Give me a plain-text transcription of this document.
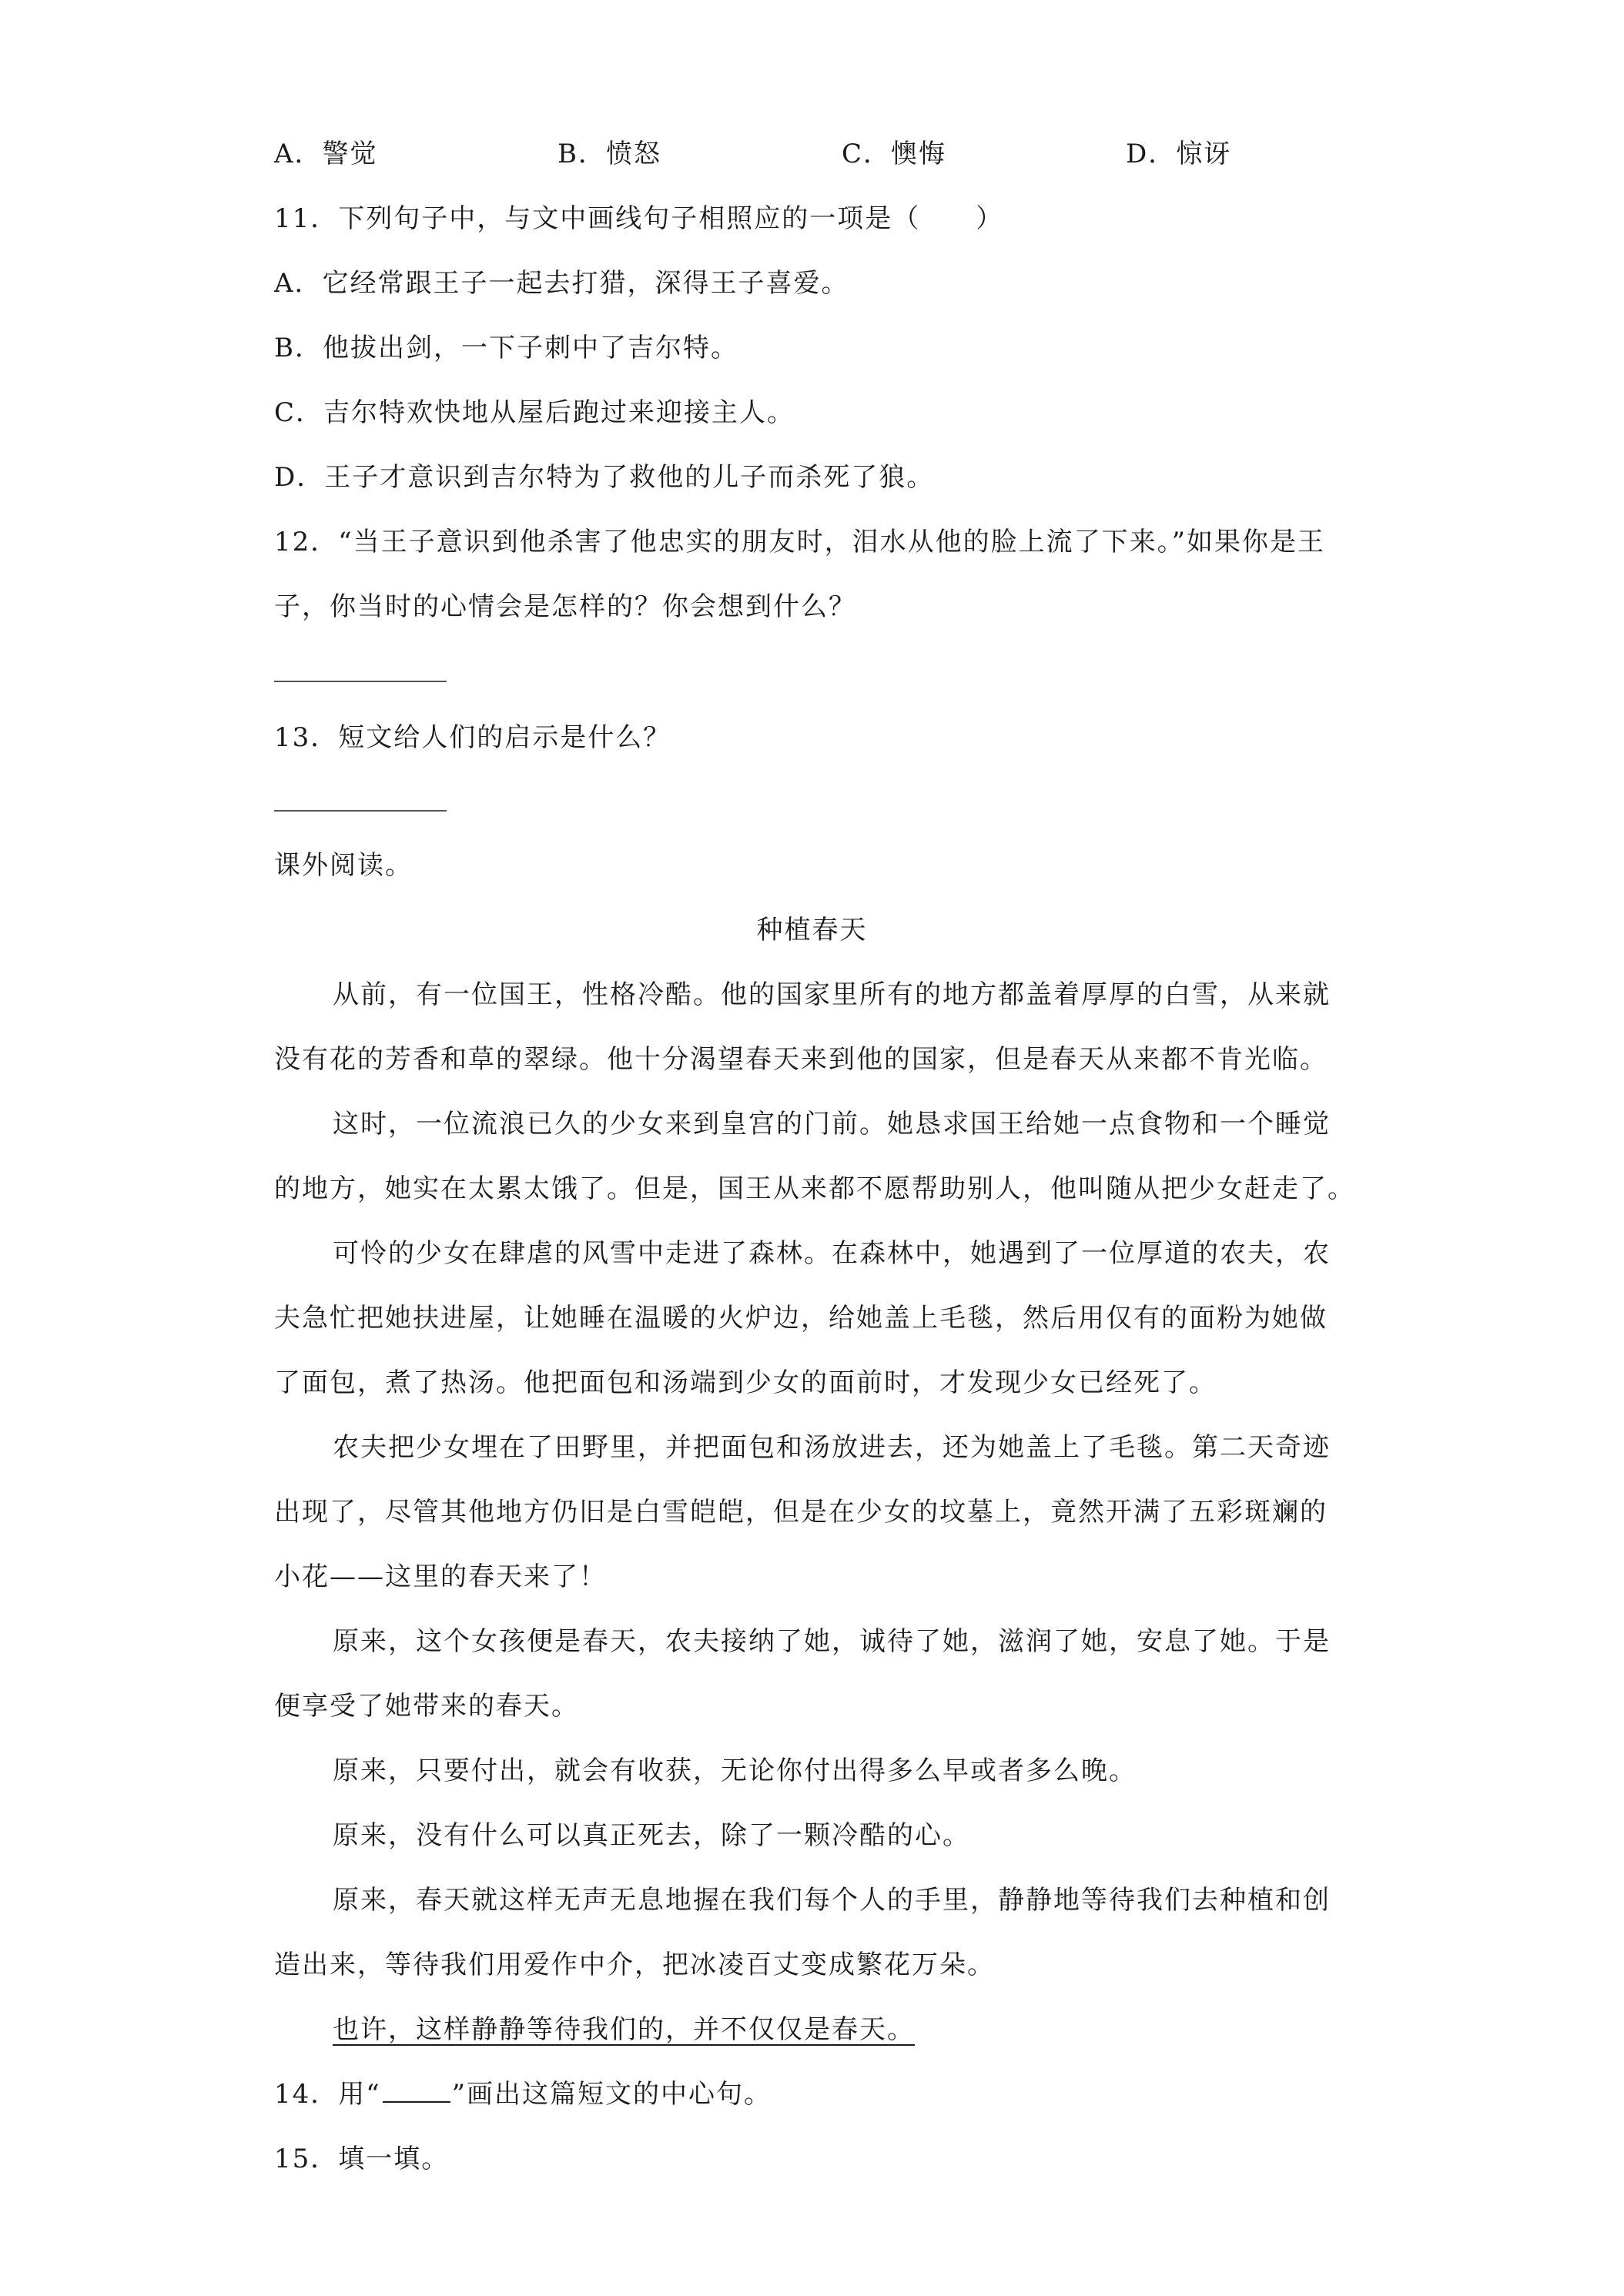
A．警觉	B．愤怒	C．懊悔	D．惊讶
11．下列句子中，与文中画线句子相照应的一项是（　　）
A．它经常跟王子一起去打猎，深得王子喜爱。
B．他拔出剑，一下子刺中了吉尔特。
C．吉尔特欢快地从屋后跑过来迎接主人。
D．王子才意识到吉尔特为了救他的儿子而杀死了狼。
12．“当王子意识到他杀害了他忠实的朋友时，泪水从他的脸上流了下来。”如果你是王
子，你当时的心情会是怎样的？你会想到什么？
13．短文给人们的启示是什么？
课外阅读。
种植春天
从前，有一位国王，性格冷酷。他的国家里所有的地方都盖着厚厚的白雪，从来就
没有花的芳香和草的翠绿。他十分渴望春天来到他的国家，但是春天从来都不肯光临。
这时，一位流浪已久的少女来到皇宫的门前。她恳求国王给她一点食物和一个睡觉
的地方，她实在太累太饿了。但是，国王从来都不愿帮助别人，他叫随从把少女赶走了。
可怜的少女在肆虐的风雪中走进了森林。在森林中，她遇到了一位厚道的农夫，农
夫急忙把她扶进屋，让她睡在温暖的火炉边，给她盖上毛毯，然后用仅有的面粉为她做
了面包，煮了热汤。他把面包和汤端到少女的面前时，才发现少女已经死了。
农夫把少女埋在了田野里，并把面包和汤放进去，还为她盖上了毛毯。第二天奇迹
出现了，尽管其他地方仍旧是白雪皑皑，但是在少女的坟墓上，竟然开满了五彩斑斓的
小花——这里的春天来了！
原来，这个女孩便是春天，农夫接纳了她，诚待了她，滋润了她，安息了她。于是
便享受了她带来的春天。
原来，只要付出，就会有收获，无论你付出得多么早或者多么晚。
原来，没有什么可以真正死去，除了一颗冷酷的心。
原来，春天就这样无声无息地握在我们每个人的手里，静静地等待我们去种植和创
造出来，等待我们用爱作中介，把冰凌百丈变成繁花万朵。
也许，这样静静等待我们的，并不仅仅是春天。
14．用“	”画出这篇短文的中心句。
15．填一填。
